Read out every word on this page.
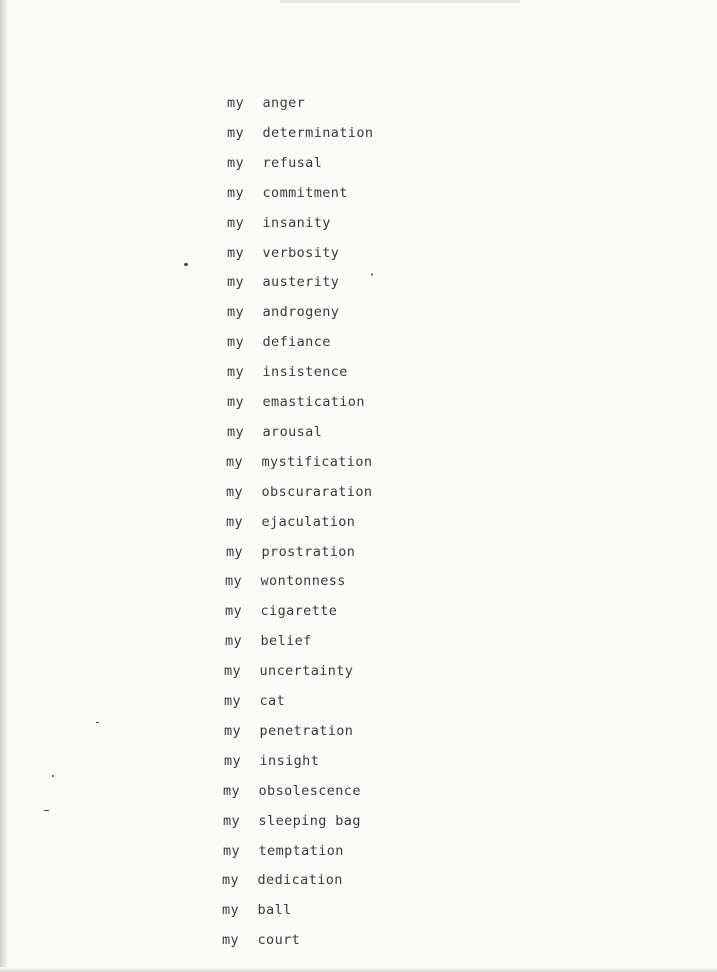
my anger
my determination
my refusal
my commitment
my insanity
my verbosity
my austerity
my androgeny
my defiance
my insistence
my emastication
my arousal
my mystification
my obscuraration
my ejaculation
my prostration
my wontonness
my cigarette
my belief
my uncertainty
my cat
my penetration
my insight
my obsolescence
my sleeping bag
my temptation
my dedication
my ball
my court
